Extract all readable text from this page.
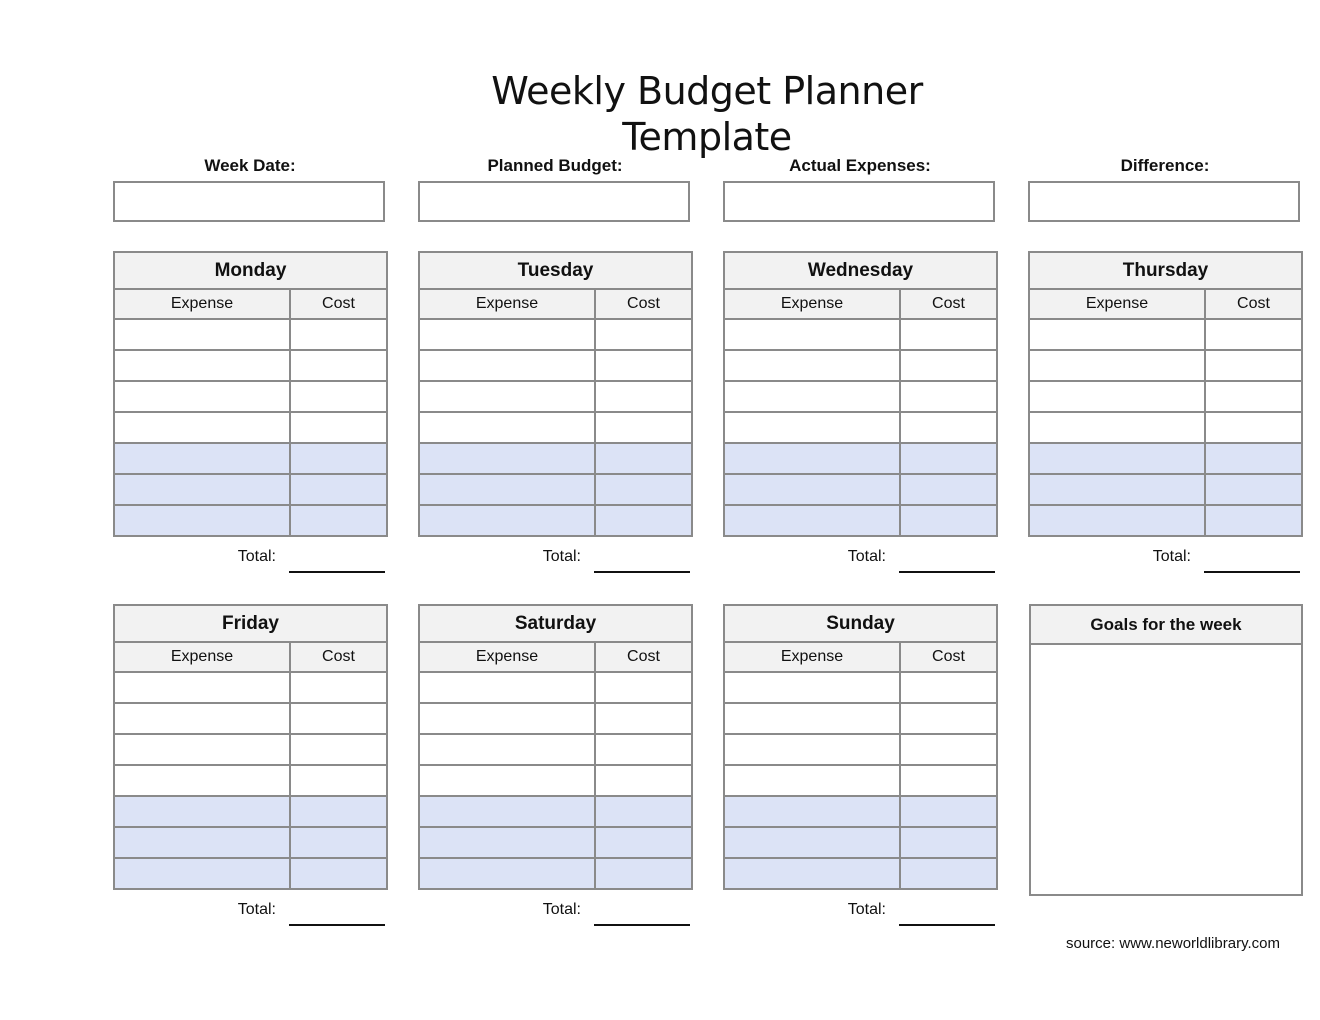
Weekly Budget Planner Template
Week Date:	Planned Budget:	Actual Expenses:	Difference:
Monday	
Expense	Cost

Total:
Tuesday	
Expense	Cost

Total:
Wednesday	
Expense	Cost

Total:
Thursday	
Expense	Cost

Total:
Friday	
Expense	Cost

Total:
Saturday	
Expense	Cost

Total:
Sunday	
Expense	Cost

Total:
Goals for the week
source: www.neworldlibrary.com
